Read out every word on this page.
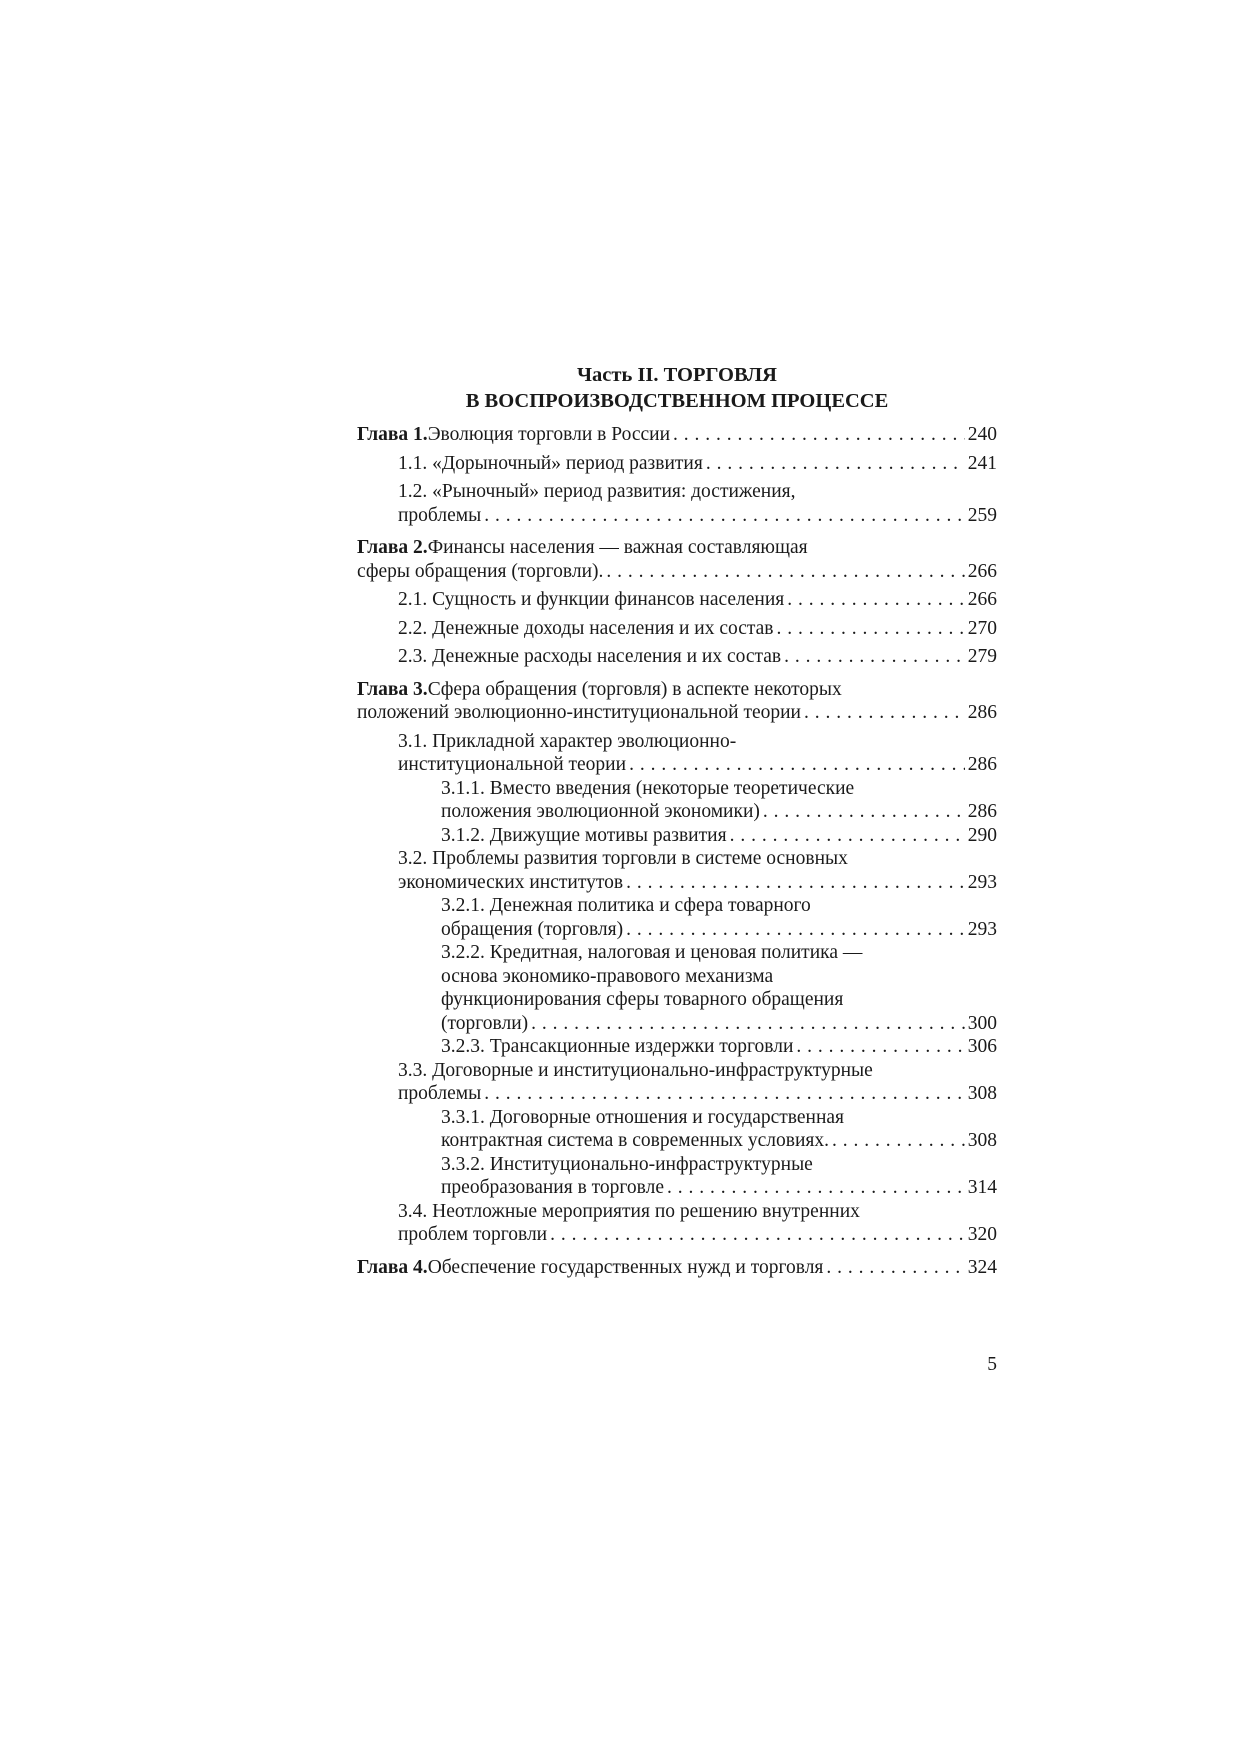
Часть II. ТОРГОВЛЯ
В ВОСПРОИЗВОДСТВЕННОМ ПРОЦЕССЕ
Глава 1. Эволюция торговли в России . . .	240
1.1. «Дорыночный» период развития . . .	241
1.2. «Рыночный» период развития: достижения,
проблемы . . .	259
Глава 2. Финансы населения — важная составляющая
сферы обращения (торговли). . . .	266
2.1. Сущность и функции финансов населения . . .	266
2.2. Денежные доходы населения и их состав . . .	270
2.3. Денежные расходы населения и их состав . . .	279
Глава 3. Сфера обращения (торговля) в аспекте некоторых
положений эволюционно-институциональной теории . . .	286
3.1. Прикладной характер эволюционно-
институциональной теории . . .	286
3.1.1. Вместо введения (некоторые теоретические
положения эволюционной экономики) . . .	286
3.1.2. Движущие мотивы развития . . .	290
3.2. Проблемы развития торговли в системе основных
экономических институтов . . .	293
3.2.1. Денежная политика и сфера товарного
обращения (торговля) . . .	293
3.2.2. Кредитная, налоговая и ценовая политика —
основа экономико-правового механизма
функционирования сферы товарного обращения
(торговли) . . .	300
3.2.3. Трансакционные издержки торговли . . .	306
3.3. Договорные и институционально-инфраструктурные
проблемы . . .	308
3.3.1. Договорные отношения и государственная
контрактная система в современных условиях. . . .	308
3.3.2. Институционально-инфраструктурные
преобразования в торговле . . .	314
3.4. Неотложные мероприятия по решению внутренних
проблем торговли . . .	320
Глава 4. Обеспечение государственных нужд и торговля . . .	324
5
